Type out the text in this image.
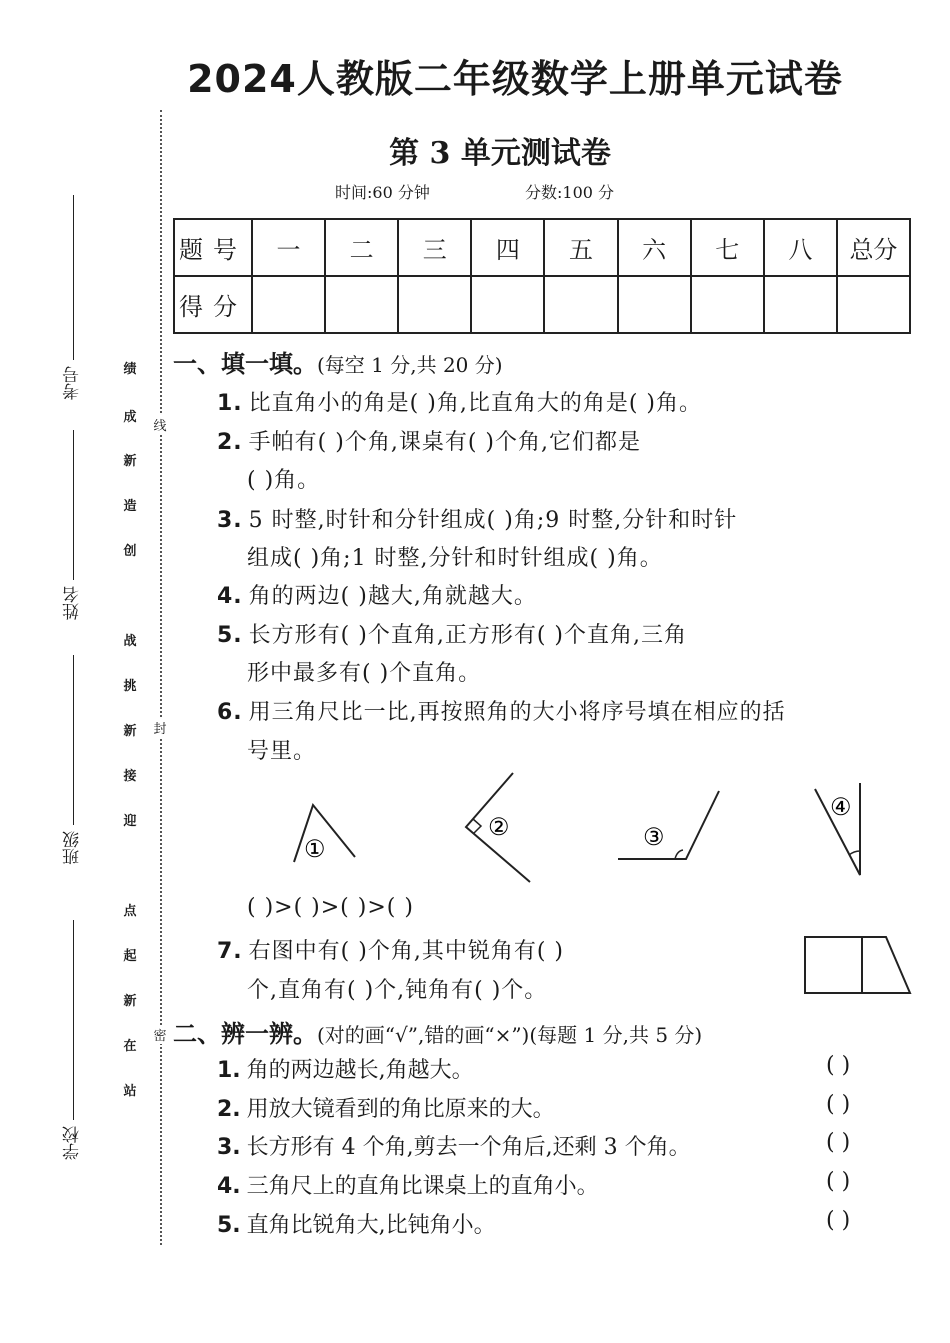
2024人教版二年级数学上册单元试卷
第 3 单元测试卷
时间:60 分钟	分数:100 分
考号
姓名
班级
学校
绩
成
新
造
创
战
挑
新
接
迎
点
起
新
在
站
线
封
密
题号	一	二	三	四	五	六	七	八	总分
得分									
一、填一填。(每空 1 分,共 20 分)
1. 比直角小的角是( )角,比直角大的角是( )角。
2. 手帕有( )个角,课桌有( )个角,它们都是
( )角。
3. 5 时整,时针和分针组成( )角;9 时整,分针和时针
组成( )角;1 时整,分针和时针组成( )角。
4. 角的两边( )越大,角就越大。
5. 长方形有( )个直角,正方形有( )个直角,三角
形中最多有( )个直角。
6. 用三角尺比一比,再按照角的大小将序号填在相应的括
号里。
①
②	③
④
( )>( )>( )>( )
7. 右图中有( )个角,其中锐角有( )
个,直角有( )个,钝角有( )个。
二、辨一辨。(对的画“√”,错的画“×”)(每题 1 分,共 5 分)
1. 角的两边越长,角越大。	( )
2. 用放大镜看到的角比原来的大。	( )
3. 长方形有 4 个角,剪去一个角后,还剩 3 个角。	( )
4. 三角尺上的直角比课桌上的直角小。	( )
5. 直角比锐角大,比钝角小。	( )
